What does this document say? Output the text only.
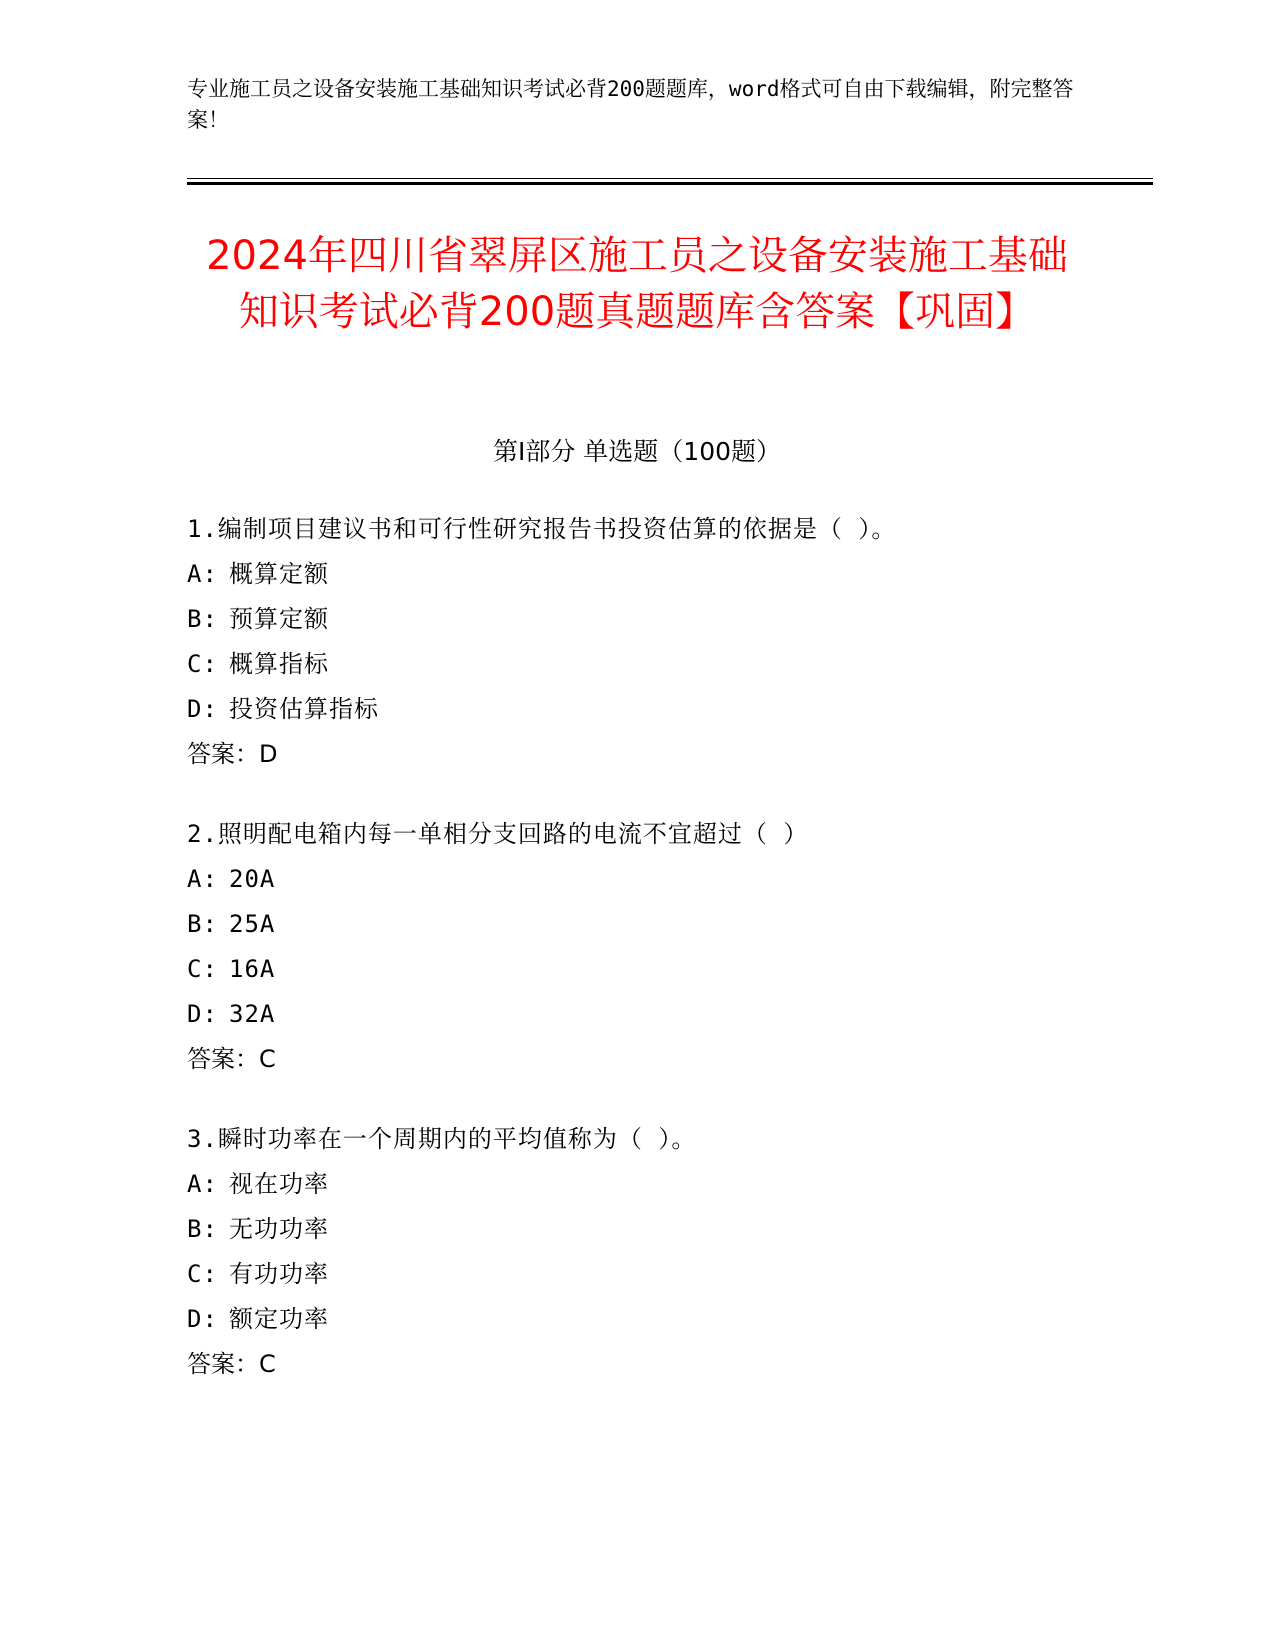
专业施工员之设备安装施工基础知识考试必背200题题库，word格式可自由下载编辑，附完整答案！
2024年四川省翠屏区施工员之设备安装施工基础知识考试必背200题真题题库含答案【巩固】
第I部分 单选题（100题）
1.编制项目建议书和可行性研究报告书投资估算的依据是（ ）。
A: 概算定额
B: 预算定额
C: 概算指标
D: 投资估算指标
答案：D
2.照明配电箱内每一单相分支回路的电流不宜超过（ ）
A: 20A
B: 25A
C: 16A
D: 32A
答案：C
3.瞬时功率在一个周期内的平均值称为（ ）。
A: 视在功率
B: 无功功率
C: 有功功率
D: 额定功率
答案：C
